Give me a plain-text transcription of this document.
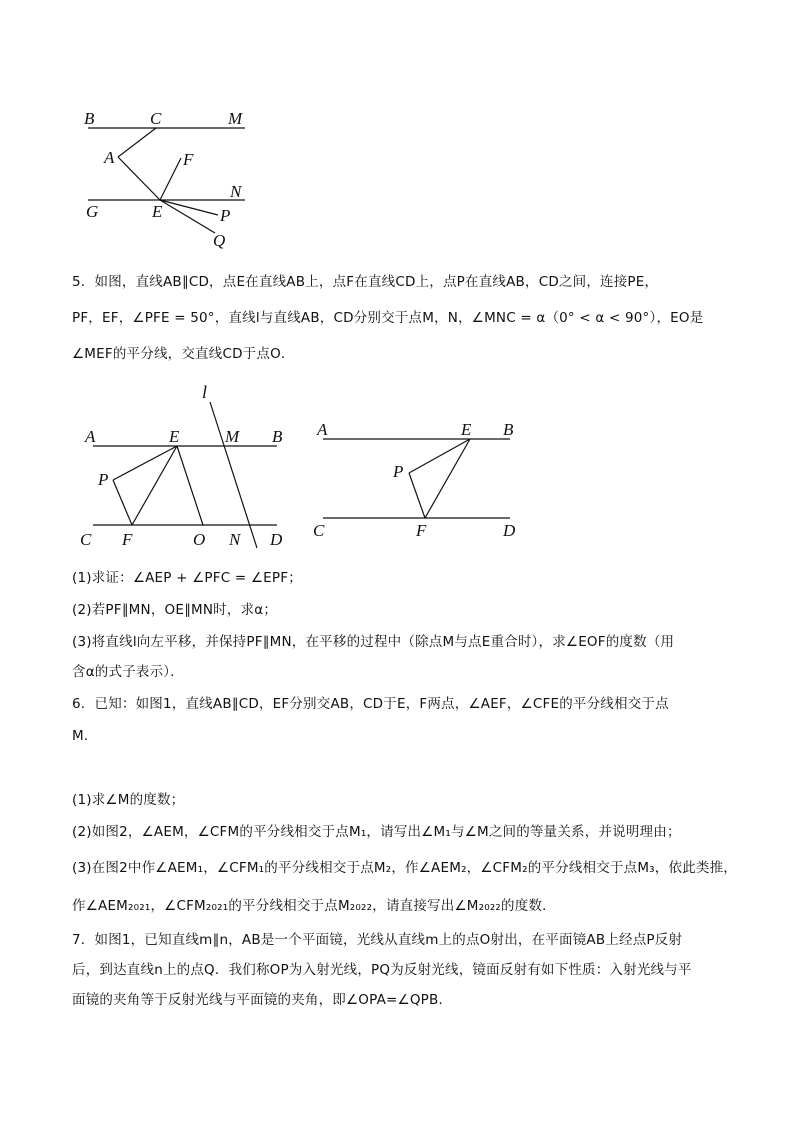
B	C	M
A	F
N
G	E	P
Q
5．如图，直线AB∥CD，点E在直线AB上，点F在直线CD上，点P在直线AB，CD之间，连接PE，
PF，EF，∠PFE = 50°，直线l与直线AB，CD分别交于点M，N，∠MNC = α（0° < α < 90°），EO是
∠MEF的平分线，交直线CD于点O．
l
A	E	M B
P
C F	O N D
A	E B
P
C	F	D
(1)求证：∠AEP + ∠PFC = ∠EPF；
(2)若PF∥MN，OE∥MN时，求α；
(3)将直线l向左平移，并保持PF∥MN，在平移的过程中（除点M与点E重合时），求∠EOF的度数（用
含α的式子表示）．
6．已知：如图1，直线AB∥CD，EF分别交AB，CD于E，F两点，∠AEF，∠CFE的平分线相交于点
M．
(1)求∠M的度数；
(2)如图2，∠AEM，∠CFM的平分线相交于点M₁，请写出∠M₁与∠M之间的等量关系，并说明理由；
(3)在图2中作∠AEM₁，∠CFM₁的平分线相交于点M₂，作∠AEM₂，∠CFM₂的平分线相交于点M₃，依此类推，
作∠AEM₂₀₂₁，∠CFM₂₀₂₁的平分线相交于点M₂₀₂₂，请直接写出∠M₂₀₂₂的度数．
7．如图1，已知直线m∥n，AB是一个平面镜，光线从直线m上的点O射出，在平面镜AB上经点P反射
后，到达直线n上的点Q．我们称OP为入射光线，PQ为反射光线，镜面反射有如下性质：入射光线与平
面镜的夹角等于反射光线与平面镜的夹角，即∠OPA=∠QPB．
